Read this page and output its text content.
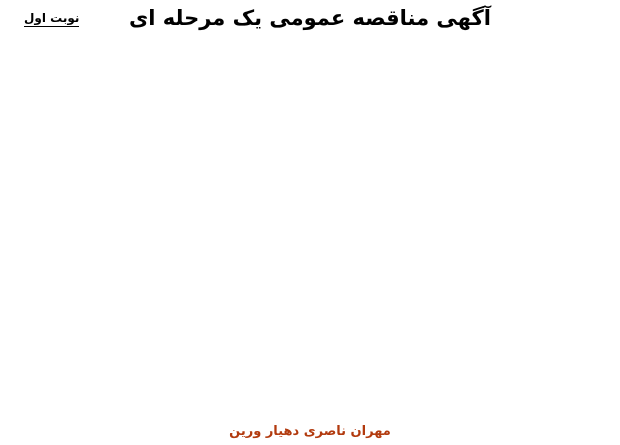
آگهی مناقصه عمومی یک مرحله ای
نوبت اول

مهران ناصری دهیار ورین
